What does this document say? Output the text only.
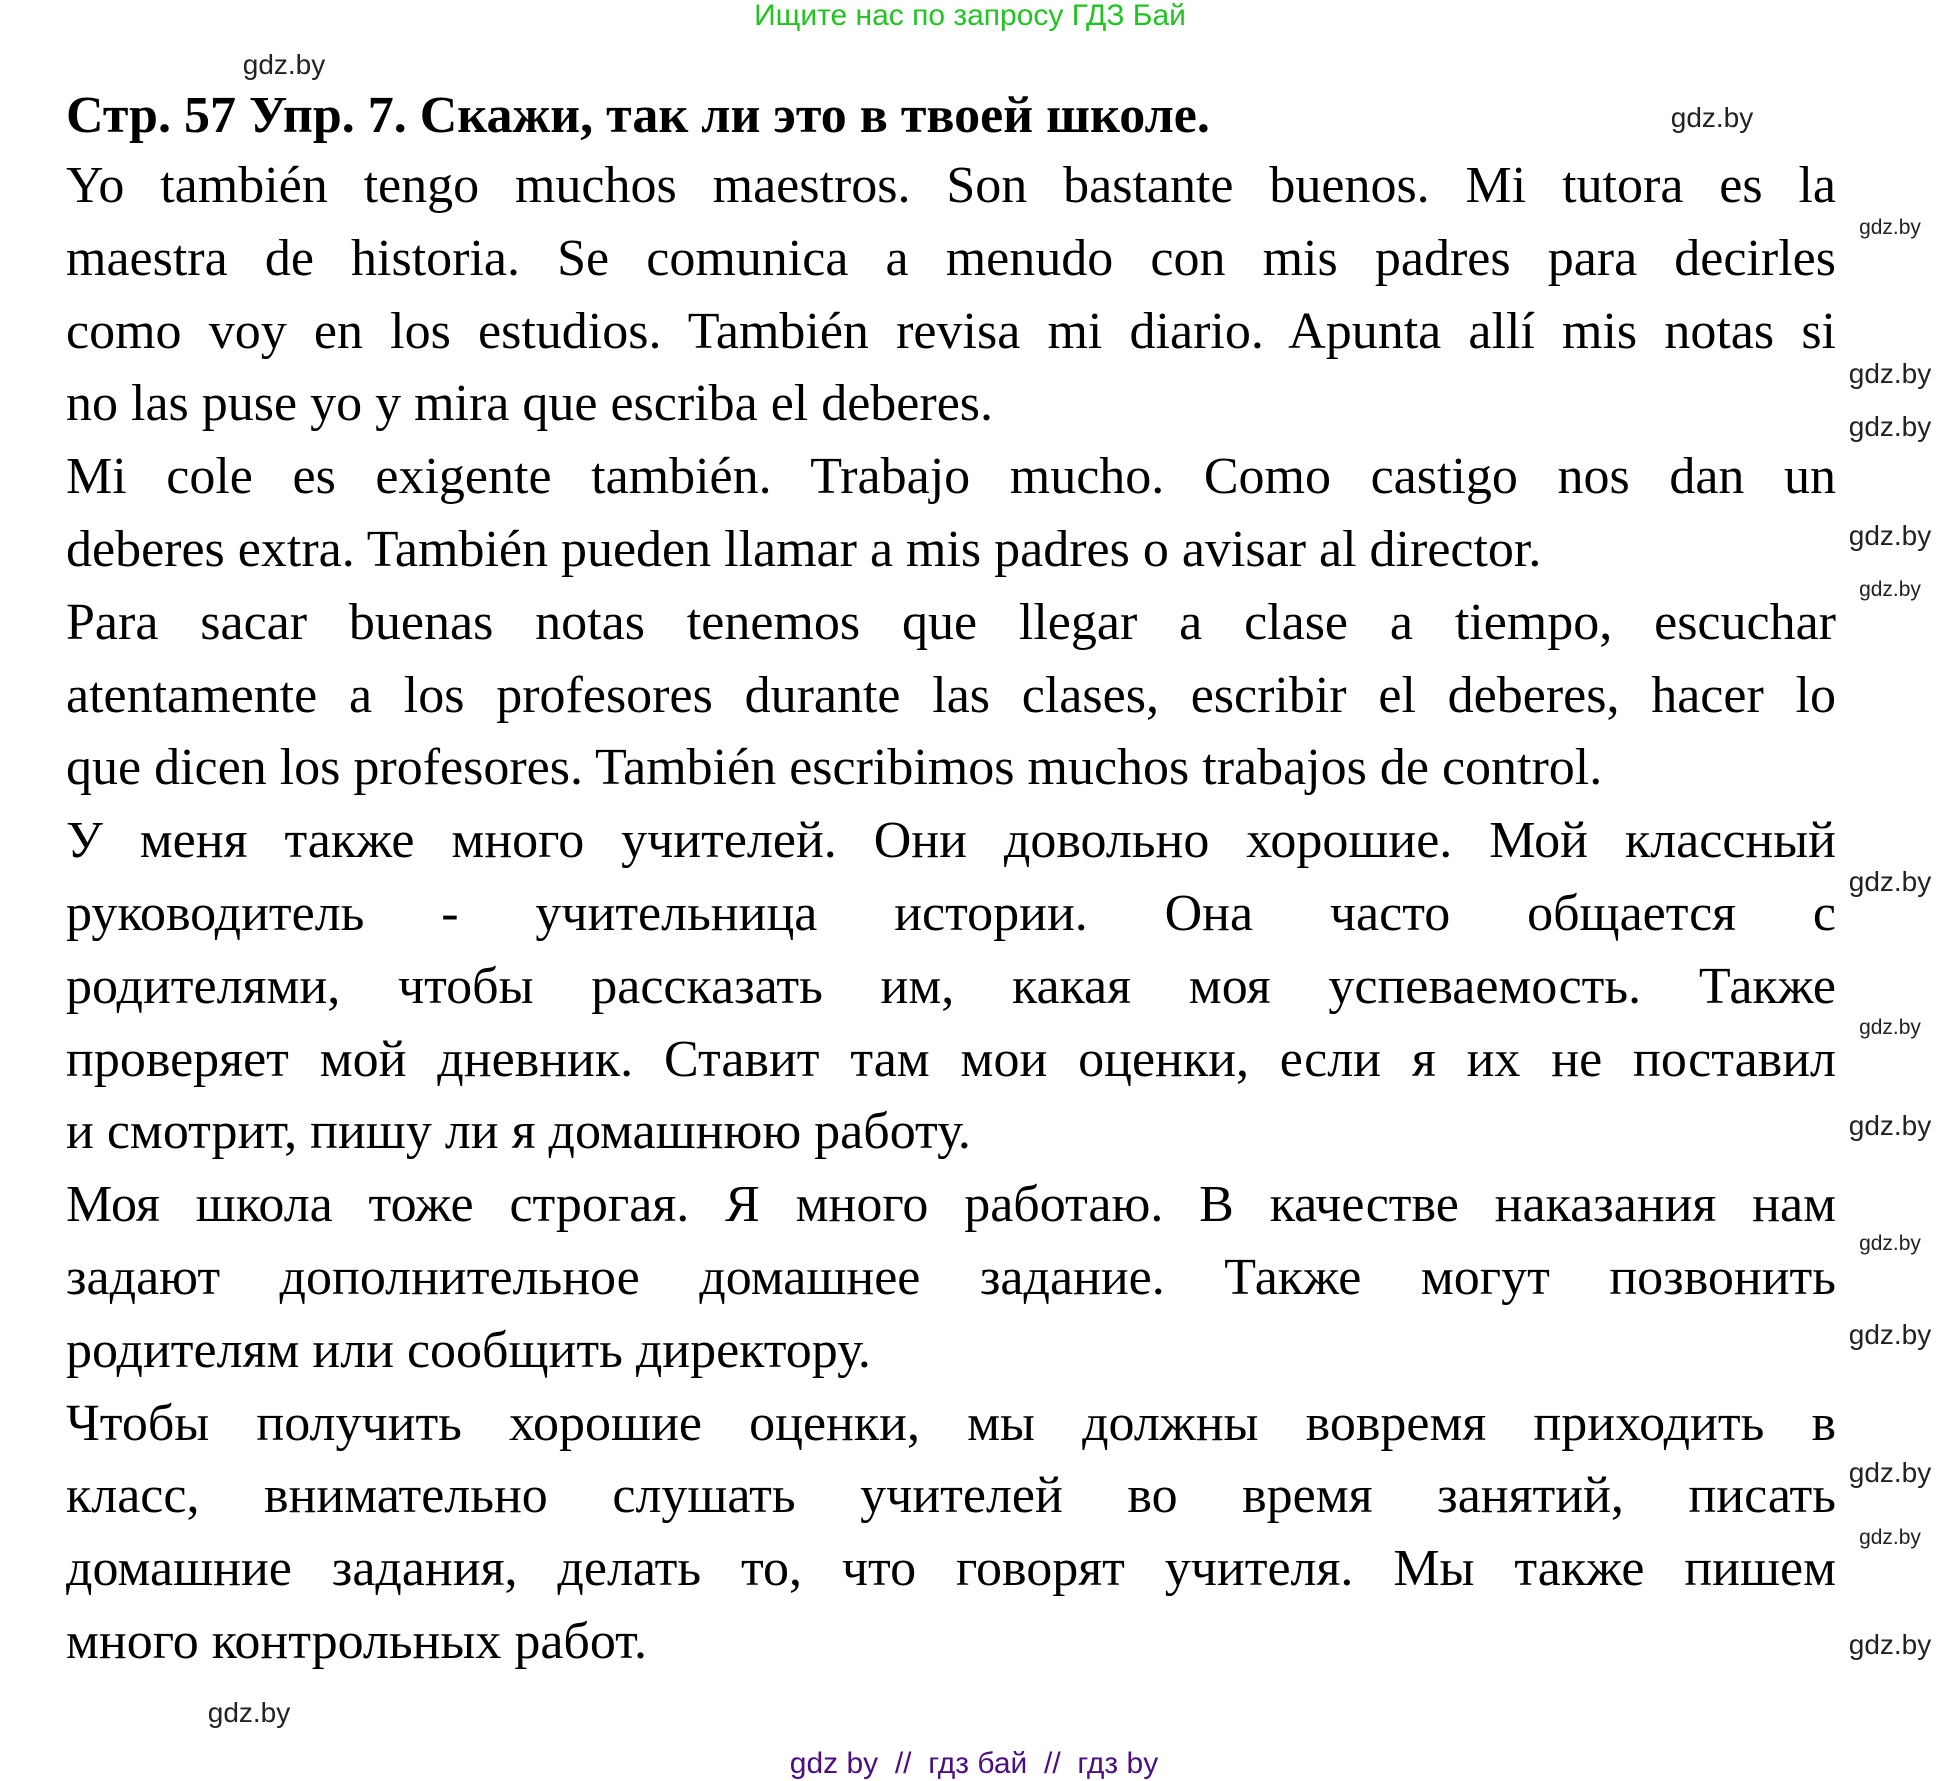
Ищите нас по запросу ГДЗ Бай
Стр. 57 Упр. 7. Скажи, так ли это в твоей школе.
Yo también tengo muchos maestros. Son bastante buenos. Mi tutora es la
maestra de historia. Se comunica a menudo con mis padres para decirles
como voy en los estudios. También revisa mi diario. Apunta allí mis notas si
no las puse yo y mira que escriba el deberes.
Mi cole es exigente también. Trabajo mucho. Como castigo nos dan un
deberes extra. También pueden llamar a mis padres o avisar al director.
Para sacar buenas notas tenemos que llegar a clase a tiempo, escuchar
atentamente a los profesores durante las clases, escribir el deberes, hacer lo
que dicen los profesores. También escribimos muchos trabajos de control.
У меня также много учителей. Они довольно хорошие. Мой классный
руководитель - учительница истории. Она часто общается с
родителями, чтобы рассказать им, какая моя успеваемость. Также
проверяет мой дневник. Ставит там мои оценки, если я их не поставил
и смотрит, пишу ли я домашнюю работу.
Моя школа тоже строгая. Я много работаю. В качестве наказания нам
задают дополнительное домашнее задание. Также могут позвонить
родителям или сообщить директору.
Чтобы получить хорошие оценки, мы должны вовремя приходить в
класс, внимательно слушать учителей во время занятий, писать
домашние задания, делать то, что говорят учителя. Мы также пишем
много контрольных работ.
gdz.by
gdz.by
gdz.by
gdz.by
gdz.by
gdz.by
gdz.by
gdz.by
gdz.by
gdz.by
gdz.by
gdz.by
gdz.by
gdz.by
gdz.by
gdz.by
gdz by  //  гдз бай  //  гдз by
